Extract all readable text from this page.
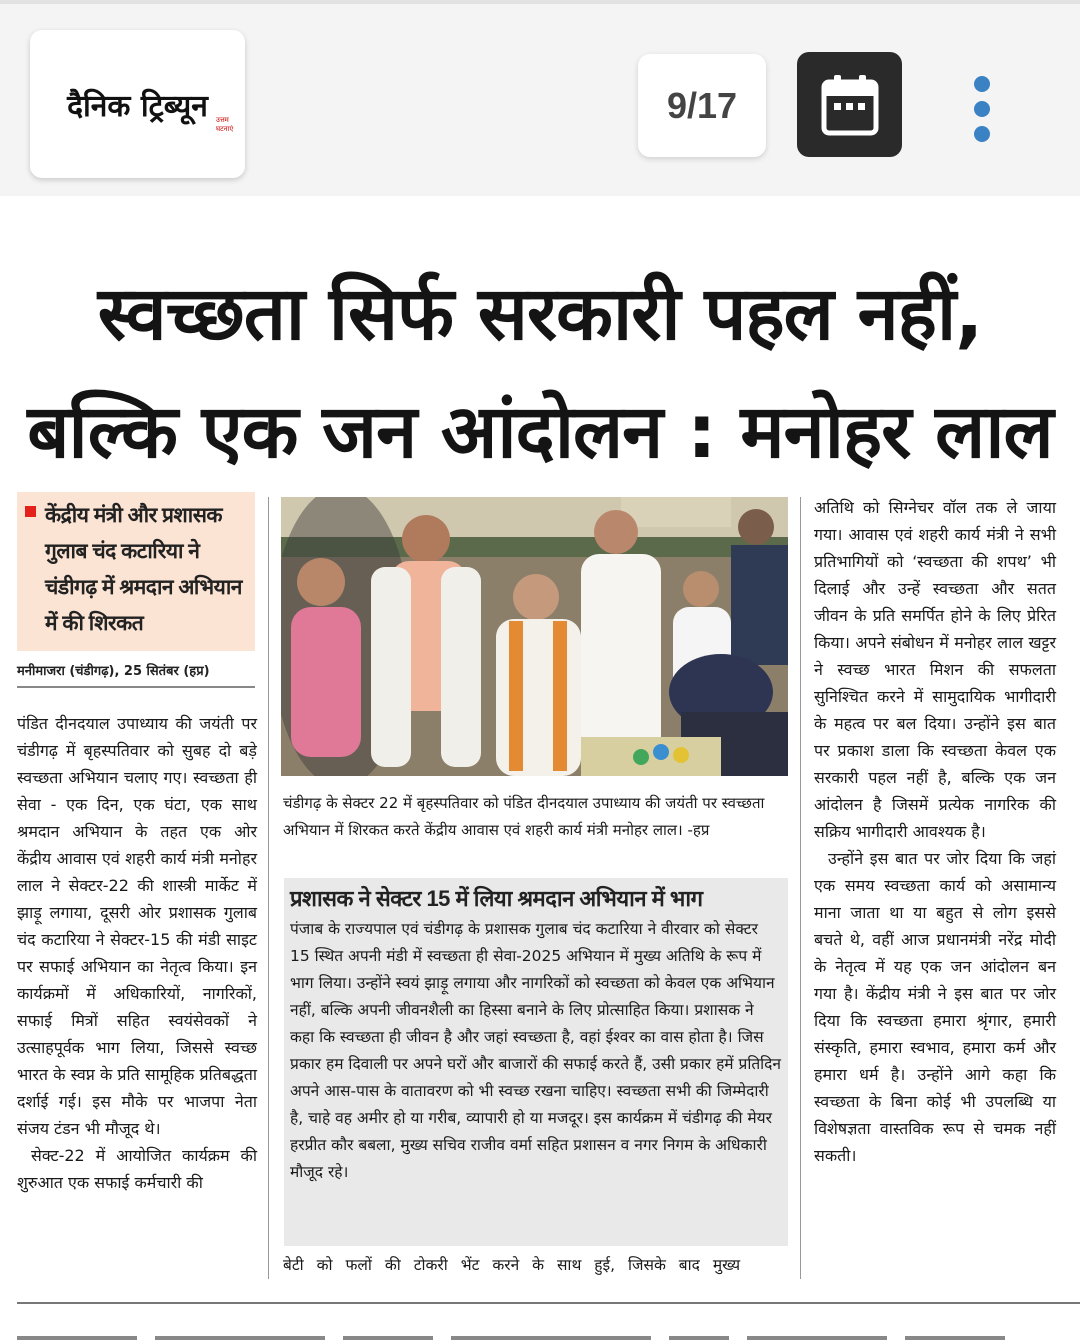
दैनिक ट्रिब्यून उत्तम घटनाएं
9/17
स्वच्छता सिर्फ सरकारी पहल नहीं,
बल्कि एक जन आंदोलन : मनोहर लाल

केंद्रीय मंत्री और प्रशासक गुलाब चंद कटारिया ने चंडीगढ़ में श्रमदान अभियान में की शिरकत

मनीमाजरा (चंडीगढ़), 25 सितंबर (हप्र)

पंडित दीनदयाल उपाध्याय की जयंती पर चंडीगढ़ में बृहस्पतिवार को सुबह दो बड़े स्वच्छता अभियान चलाए गए। स्वच्छता ही सेवा - एक दिन, एक घंटा, एक साथ श्रमदान अभियान के तहत एक ओर केंद्रीय आवास एवं शहरी कार्य मंत्री मनोहर लाल ने सेक्टर-22 की शास्त्री मार्केट में झाड़ू लगाया, दूसरी ओर प्रशासक गुलाब चंद कटारिया ने सेक्टर-15 की मंडी साइट पर सफाई अभियान का नेतृत्व किया। इन कार्यक्रमों में अधिकारियों, नागरिकों, सफाई मित्रों सहित स्वयंसेवकों ने उत्साहपूर्वक भाग लिया, जिससे स्वच्छ भारत के स्वप्न के प्रति सामूहिक प्रतिबद्धता दर्शाई गई। इस मौके पर भाजपा नेता संजय टंडन भी मौजूद थे।

सेक्ट-22 में आयोजित कार्यक्रम की शुरुआत एक सफाई कर्मचारी की

चंडीगढ़ के सेक्टर 22 में बृहस्पतिवार को पंडित दीनदयाल उपाध्याय की जयंती पर स्वच्छता अभियान में शिरकत करते केंद्रीय आवास एवं शहरी कार्य मंत्री मनोहर लाल। -हप्र
प्रशासक ने सेक्टर 15 में लिया श्रमदान अभियान में भाग
पंजाब के राज्यपाल एवं चंडीगढ़ के प्रशासक गुलाब चंद कटारिया ने वीरवार को सेक्टर 15 स्थित अपनी मंडी में स्वच्छता ही सेवा-2025 अभियान में मुख्य अतिथि के रूप में भाग लिया। उन्होंने स्वयं झाड़ू लगाया और नागरिकों को स्वच्छता को केवल एक अभियान नहीं, बल्कि अपनी जीवनशैली का हिस्सा बनाने के लिए प्रोत्साहित किया। प्रशासक ने कहा कि स्वच्छता ही जीवन है और जहां स्वच्छता है, वहां ईश्वर का वास होता है। जिस प्रकार हम दिवाली पर अपने घरों और बाजारों की सफाई करते हैं, उसी प्रकार हमें प्रतिदिन अपने आस-पास के वातावरण को भी स्वच्छ रखना चाहिए। स्वच्छता सभी की जिम्मेदारी है, चाहे वह अमीर हो या गरीब, व्यापारी हो या मजदूर। इस कार्यक्रम में चंडीगढ़ की मेयर हरप्रीत कौर बबला, मुख्य सचिव राजीव वर्मा सहित प्रशासन व नगर निगम के अधिकारी मौजूद रहे।
बेटी को फलों की टोकरी भेंट करने के साथ हुई, जिसके बाद मुख्य

अतिथि को सिग्नेचर वॉल तक ले जाया गया। आवास एवं शहरी कार्य मंत्री ने सभी प्रतिभागियों को ‘स्वच्छता की शपथ’ भी दिलाई और उन्हें स्वच्छता और सतत जीवन के प्रति समर्पित होने के लिए प्रेरित किया। अपने संबोधन में मनोहर लाल खट्टर ने स्वच्छ भारत मिशन की सफलता सुनिश्चित करने में सामुदायिक भागीदारी के महत्व पर बल दिया। उन्होंने इस बात पर प्रकाश डाला कि स्वच्छता केवल एक सरकारी पहल नहीं है, बल्कि एक जन आंदोलन है जिसमें प्रत्येक नागरिक की सक्रिय भागीदारी आवश्यक है।

उन्होंने इस बात पर जोर दिया कि जहां एक समय स्वच्छता कार्य को असामान्य माना जाता था या बहुत से लोग इससे बचते थे, वहीं आज प्रधानमंत्री नरेंद्र मोदी के नेतृत्व में यह एक जन आंदोलन बन गया है। केंद्रीय मंत्री ने इस बात पर जोर दिया कि स्वच्छता हमारा श्रृंगार, हमारी संस्कृति, हमारा स्वभाव, हमारा कर्म और हमारा धर्म है। उन्होंने आगे कहा कि स्वच्छता के बिना कोई भी उपलब्धि या विशेषज्ञता वास्तविक रूप से चमक नहीं सकती।
